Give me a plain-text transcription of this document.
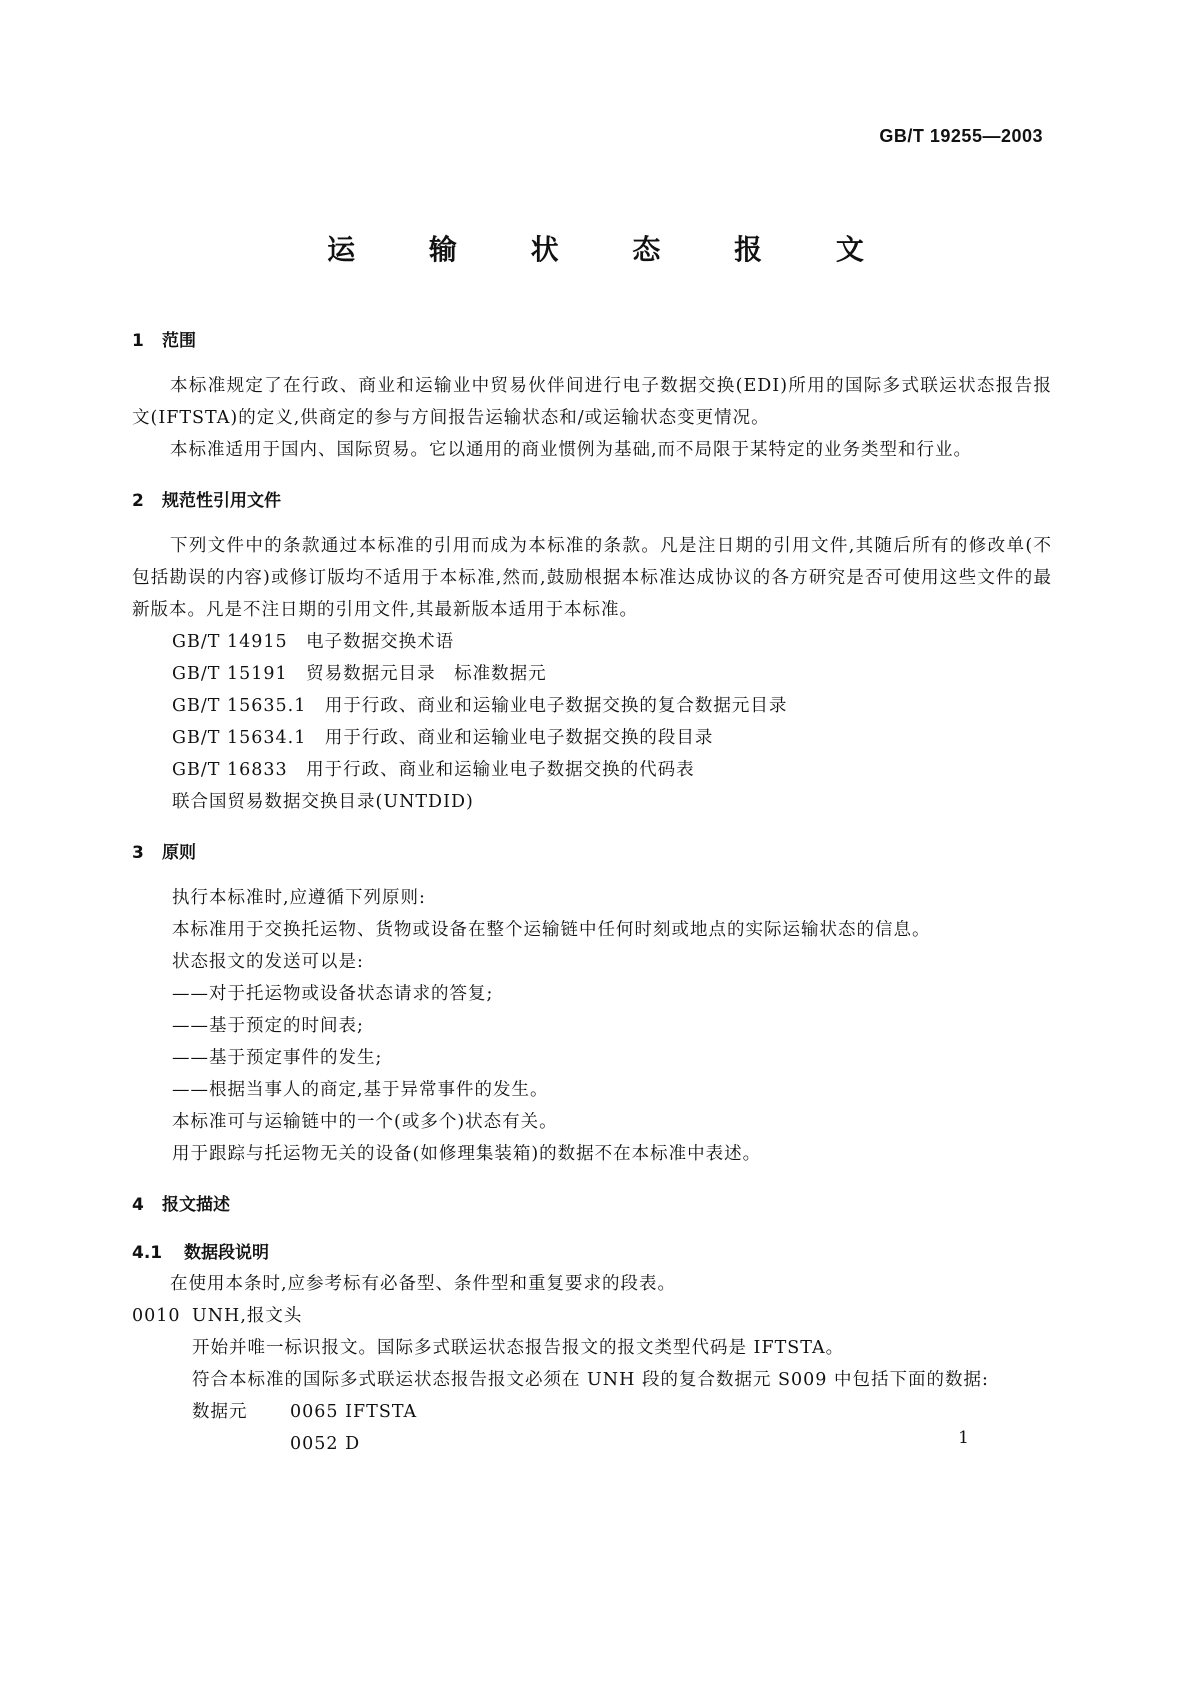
GB/T 19255—2003
运 输 状 态 报 文
1 范围

本标准规定了在行政、商业和运输业中贸易伙伴间进行电子数据交换(EDI)所用的国际多式联运状态报告报文(IFTSTA)的定义,供商定的参与方间报告运输状态和/或运输状态变更情况。

本标准适用于国内、国际贸易。它以通用的商业惯例为基础,而不局限于某特定的业务类型和行业。

2 规范性引用文件

下列文件中的条款通过本标准的引用而成为本标准的条款。凡是注日期的引用文件,其随后所有的修改单(不包括勘误的内容)或修订版均不适用于本标准,然而,鼓励根据本标准达成协议的各方研究是否可使用这些文件的最新版本。凡是不注日期的引用文件,其最新版本适用于本标准。

GB/T 14915　电子数据交换术语

GB/T 15191　贸易数据元目录　标准数据元

GB/T 15635.1　用于行政、商业和运输业电子数据交换的复合数据元目录

GB/T 15634.1　用于行政、商业和运输业电子数据交换的段目录

GB/T 16833　用于行政、商业和运输业电子数据交换的代码表

联合国贸易数据交换目录(UNTDID)

3 原则

执行本标准时,应遵循下列原则:

本标准用于交换托运物、货物或设备在整个运输链中任何时刻或地点的实际运输状态的信息。

状态报文的发送可以是:

——对于托运物或设备状态请求的答复;

——基于预定的时间表;

——基于预定事件的发生;

——根据当事人的商定,基于异常事件的发生。

本标准可与运输链中的一个(或多个)状态有关。

用于跟踪与托运物无关的设备(如修理集装箱)的数据不在本标准中表述。

4 报文描述
4.1 数据段说明

在使用本条时,应参考标有必备型、条件型和重复要求的段表。

0010 UNH,报文头

开始并唯一标识报文。国际多式联运状态报告报文的报文类型代码是 IFTSTA。

符合本标准的国际多式联运状态报告报文必须在 UNH 段的复合数据元 S009 中包括下面的数据:

数据元	0065 IFTSTA
0052 D	1
